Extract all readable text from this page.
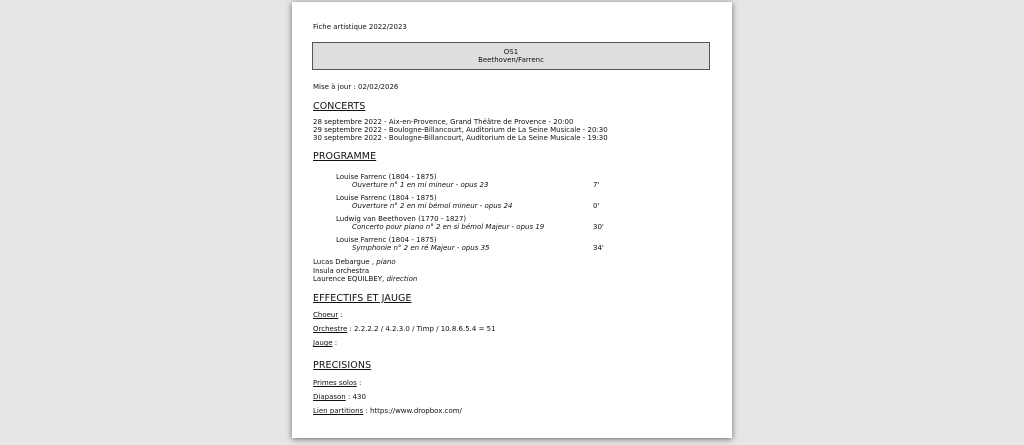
Fiche artistique 2022/2023
OS1
Beethoven/Farrenc
Mise à jour : 02/02/2026
CONCERTS
28 septembre 2022 - Aix-en-Provence, Grand Théâtre de Provence - 20:00
29 septembre 2022 - Boulogne-Billancourt, Auditorium de La Seine Musicale - 20:30
30 septembre 2022 - Boulogne-Billancourt, Auditorium de La Seine Musicale - 19:30
PROGRAMME
Louise Farrenc (1804 - 1875)
Ouverture n° 1 en mi mineur - opus 23	7'
Louise Farrenc (1804 - 1875)
Ouverture n° 2 en mi bémol mineur - opus 24	0'
Ludwig van Beethoven (1770 - 1827)
Concerto pour piano n° 2 en si bémol Majeur - opus 19	30'
Louise Farrenc (1804 - 1875)
Symphonie n° 2 en ré Majeur - opus 35	34'
Lucas Debargue , piano
Insula orchestra
Laurence EQUILBEY, direction
EFFECTIFS ET JAUGE
Choeur :
Orchestre : 2.2.2.2 / 4.2.3.0 / Timp / 10.8.6.5.4 = 51
Jauge :
PRECISIONS
Primes solos :
Diapason : 430
Lien partitions : https://www.dropbox.com/
